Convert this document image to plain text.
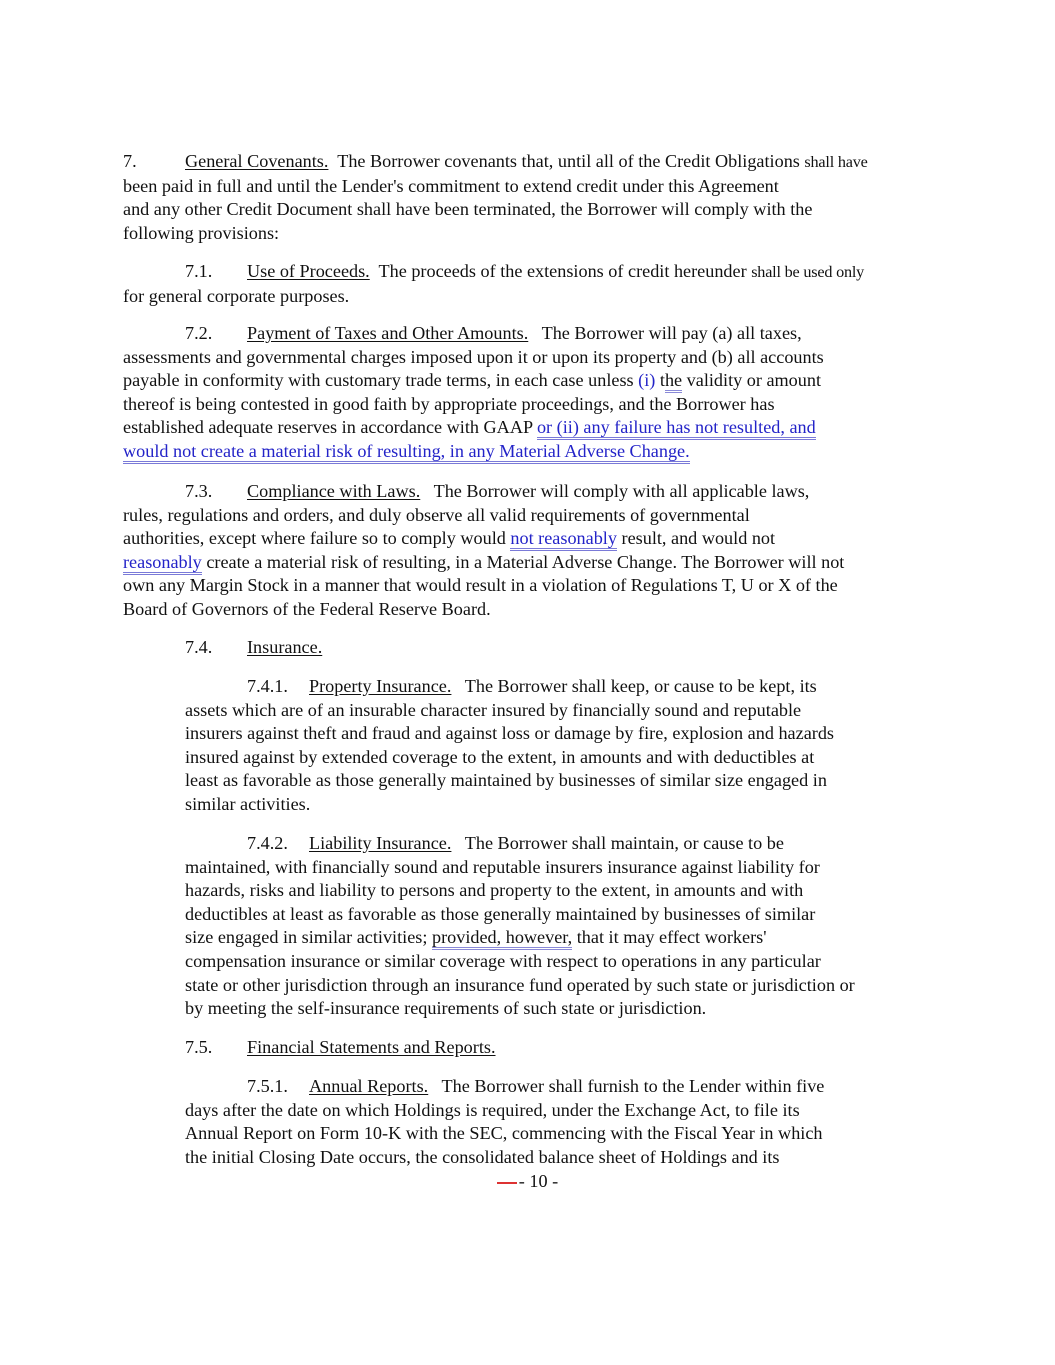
7.	General Covenants. The Borrower covenants that, until all of the Credit Obligations shall have
been paid in full and until the Lender's commitment to extend credit under this Agreement
and any other Credit Document shall have been terminated, the Borrower will comply with the
following provisions:
7.1. Use of Proceeds. The proceeds of the extensions of credit hereunder shall be used only
for general corporate purposes.
7.2. Payment of Taxes and Other Amounts. The Borrower will pay (a) all taxes,
assessments and governmental charges imposed upon it or upon its property and (b) all accounts
payable in conformity with customary trade terms, in each case unless (i) the validity or amount
thereof is being contested in good faith by appropriate proceedings, and the Borrower has
established adequate reserves in accordance with GAAP or (ii) any failure has not resulted, and
would not create a material risk of resulting, in any Material Adverse Change.
7.3. Compliance with Laws. The Borrower will comply with all applicable laws,
rules, regulations and orders, and duly observe all valid requirements of governmental
authorities, except where failure so to comply would not reasonably result, and would not
reasonably create a material risk of resulting, in a Material Adverse Change. The Borrower will not
own any Margin Stock in a manner that would result in a violation of Regulations T, U or X of the
Board of Governors of the Federal Reserve Board.
7.4. Insurance.
7.4.1. Property Insurance. The Borrower shall keep, or cause to be kept, its
assets which are of an insurable character insured by financially sound and reputable
insurers against theft and fraud and against loss or damage by fire, explosion and hazards
insured against by extended coverage to the extent, in amounts and with deductibles at
least as favorable as those generally maintained by businesses of similar size engaged in
similar activities.
7.4.2. Liability Insurance. The Borrower shall maintain, or cause to be
maintained, with financially sound and reputable insurers insurance against liability for
hazards, risks and liability to persons and property to the extent, in amounts and with
deductibles at least as favorable as those generally maintained by businesses of similar
size engaged in similar activities; provided, however, that it may effect workers'
compensation insurance or similar coverage with respect to operations in any particular
state or other jurisdiction through an insurance fund operated by such state or jurisdiction or
by meeting the self-insurance requirements of such state or jurisdiction.
7.5. Financial Statements and Reports.
7.5.1. Annual Reports. The Borrower shall furnish to the Lender within five
days after the date on which Holdings is required, under the Exchange Act, to file its
Annual Report on Form 10-K with the SEC, commencing with the Fiscal Year in which
the initial Closing Date occurs, the consolidated balance sheet of Holdings and its
- 10 -
